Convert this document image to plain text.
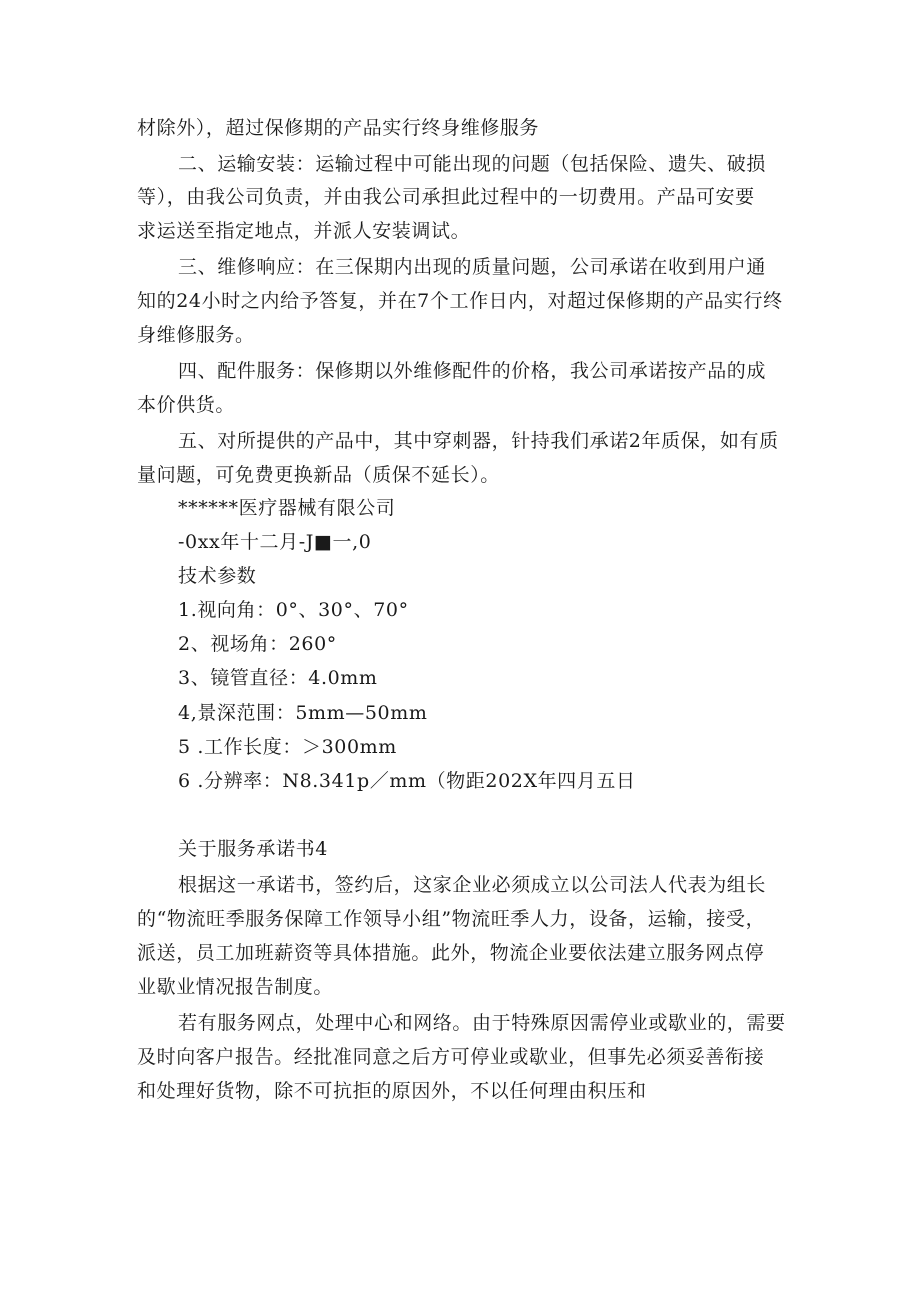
材除外），超过保修期的产品实行终身维修服务
二、运输安装：运输过程中可能出现的问题（包括保险、遗失、破损
等），由我公司负责，并由我公司承担此过程中的一切费用。产品可安要
求运送至指定地点，并派人安装调试。
三、维修响应：在三保期内出现的质量问题，公司承诺在收到用户通
知的24小时之内给予答复，并在7个工作日内，对超过保修期的产品实行终
身维修服务。
四、配件服务：保修期以外维修配件的价格，我公司承诺按产品的成
本价供货。
五、对所提供的产品中，其中穿刺器，针持我们承诺2年质保，如有质
量问题，可免费更换新品（质保不延长）。
******医疗器械有限公司
-0xx年十二月-J■一,0
技术参数
1.视向角：0°、30°、70°
2、视场角：260°
3、镜管直径：4.0mm
4,景深范围：5mm—50mm
5 .工作长度：＞300mm
6 .分辨率：N8.341p／mm（物距202X年四月五日
关于服务承诺书4
根据这一承诺书，签约后，这家企业必须成立以公司法人代表为组长
的“物流旺季服务保障工作领导小组”物流旺季人力，设备，运输，接受，
派送，员工加班薪资等具体措施。此外，物流企业要依法建立服务网点停
业歇业情况报告制度。
若有服务网点，处理中心和网络。由于特殊原因需停业或歇业的，需要
及时向客户报告。经批准同意之后方可停业或歇业，但事先必须妥善衔接
和处理好货物，除不可抗拒的原因外，不以任何理由积压和
